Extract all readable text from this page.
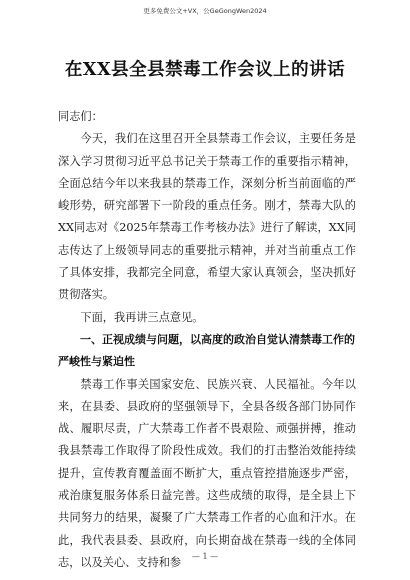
更多免费公文+VX，公GeGongWen2024
在XX县全县禁毒工作会议上的讲话

同志们：

今天，我们在这里召开全县禁毒工作会议，主要任务是深入学习贯彻习近平总书记关于禁毒工作的重要指示精神，全面总结今年以来我县的禁毒工作，深刻分析当前面临的严峻形势，研究部署下一阶段的重点任务。刚才，禁毒大队的XX同志对《2025年禁毒工作考核办法》进行了解读，XX同志传达了上级领导同志的重要批示精神，并对当前重点工作了具体安排，我都完全同意，希望大家认真领会，坚决抓好贯彻落实。

下面，我再讲三点意见。

一、正视成绩与问题，以高度的政治自觉认清禁毒工作的严峻性与紧迫性

禁毒工作事关国家安危、民族兴衰、人民福祉。今年以来，在县委、县政府的坚强领导下，全县各级各部门协同作战、履职尽责，广大禁毒工作者不畏艰险、顽强拼搏，推动我县禁毒工作取得了阶段性成效。我们的打击整治效能持续提升，宣传教育覆盖面不断扩大，重点管控措施逐步严密，戒治康复服务体系日益完善。这些成绩的取得，是全县上下共同努力的结果，凝聚了广大禁毒工作者的心血和汗水。在此，我代表县委、县政府，向长期奋战在禁毒一线的全体同志，以及关心、支持和参	— 1 —
